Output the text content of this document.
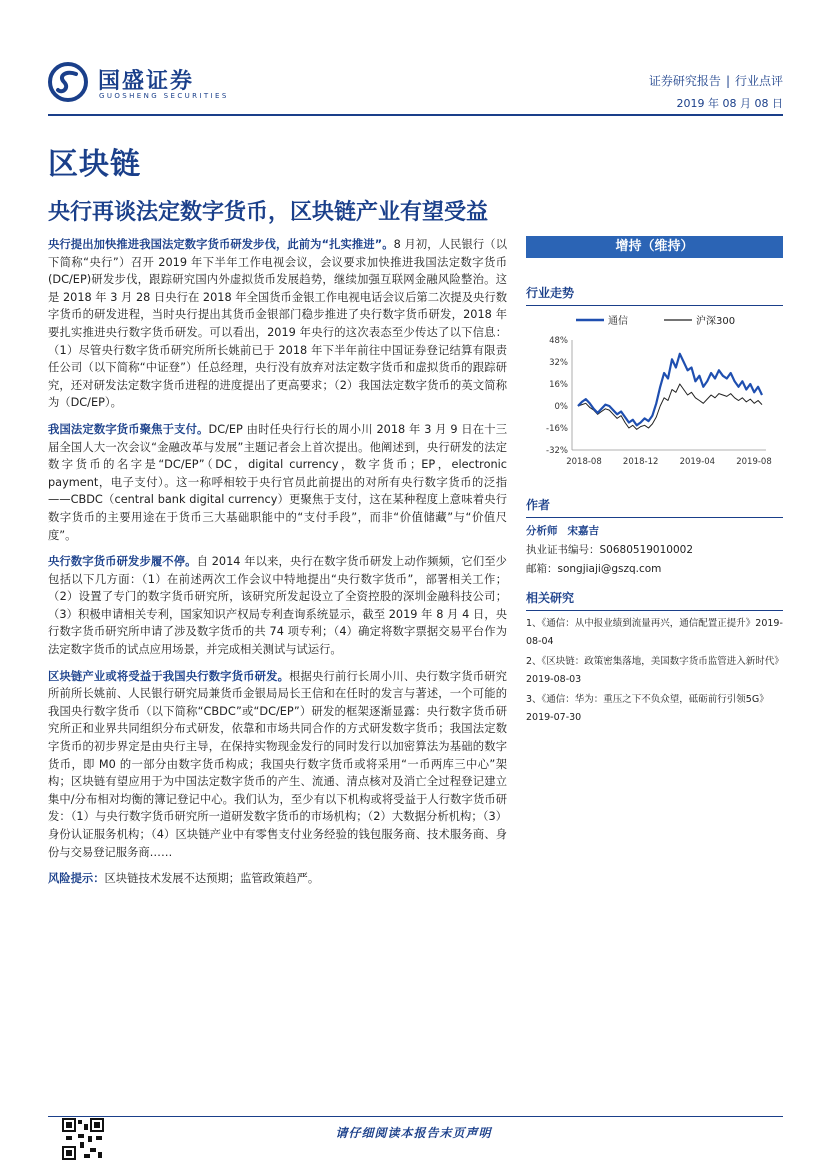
国盛证券
GUOSHENG SECURITIES
证券研究报告 | 行业点评
2019 年 08 月 08 日
区块链
央行再谈法定数字货币，区块链产业有望受益

央行提出加快推进我国法定数字货币研发步伐，此前为“扎实推进”。8 月初，人民银行（以下简称“央行”）召开 2019 年下半年工作电视会议，会议要求加快推进我国法定数字货币(DC/EP)研发步伐，跟踪研究国内外虚拟货币发展趋势，继续加强互联网金融风险整治。这是 2018 年 3 月 28 日央行在 2018 年全国货币金银工作电视电话会议后第二次提及央行数字货币的研发进程，当时央行提出其货币金银部门稳步推进了央行数字货币研发，2018 年要扎实推进央行数字货币研发。可以看出，2019 年央行的这次表态至少传达了以下信息：（1）尽管央行数字货币研究所所长姚前已于 2018 年下半年前往中国证券登记结算有限责任公司（以下简称“中证登”）任总经理，央行没有放弃对法定数字货币和虚拟货币的跟踪研究，还对研发法定数字货币进程的进度提出了更高要求；（2）我国法定数字货币的英文简称为（DC/EP）。

我国法定数字货币聚焦于支付。DC/EP 由时任央行行长的周小川 2018 年 3 月 9 日在十三届全国人大一次会议“金融改革与发展”主题记者会上首次提出。他阐述到，央行研发的法定数字货币的名字是“DC/EP”（DC，digital currency，数字货币；EP，electronic payment，电子支付）。这一称呼相较于央行官员此前提出的对所有央行数字货币的泛指——CBDC（central bank digital currency）更聚焦于支付，这在某种程度上意味着央行数字货币的主要用途在于货币三大基础职能中的“支付手段”，而非“价值储藏”与“价值尺度”。

央行数字货币研发步履不停。自 2014 年以来，央行在数字货币研发上动作频频，它们至少包括以下几方面：（1）在前述两次工作会议中特地提出“央行数字货币”，部署相关工作；（2）设置了专门的数字货币研究所，该研究所发起设立了全资控股的深圳金融科技公司；（3）积极申请相关专利，国家知识产权局专利查询系统显示，截至 2019 年 8 月 4 日，央行数字货币研究所申请了涉及数字货币的共 74 项专利；（4）确定将数字票据交易平台作为法定数字货币的试点应用场景，并完成相关测试与试运行。

区块链产业或将受益于我国央行数字货币研发。根据央行前行长周小川、央行数字货币研究所前所长姚前、人民银行研究局兼货币金银局局长王信和在任时的发言与著述，一个可能的我国央行数字货币（以下简称“CBDC”或“DC/EP”）研发的框架逐渐显露：央行数字货币研究所正和业界共同组织分布式研发，依靠和市场共同合作的方式研发数字货币；我国法定数字货币的初步界定是由央行主导，在保持实物现金发行的同时发行以加密算法为基础的数字货币，即 M0 的一部分由数字货币构成；我国央行数字货币或将采用“一币两库三中心”架构；区块链有望应用于为中国法定数字货币的产生、流通、清点核对及消亡全过程登记建立集中/分布相对均衡的簿记登记中心。我们认为，至少有以下机构或将受益于人行数字货币研发：（1）与央行数字货币研究所一道研发数字货币的市场机构；（2）大数据分析机构；（3）身份认证服务机构；（4）区块链产业中有零售支付业务经验的钱包服务商、技术服务商、身份与交易登记服务商……

风险提示：区块链技术发展不达预期；监管政策趋严。

增持（维持）
行业走势
通信	沪深300
48%
32%
16%
0%
-16%
-32%
2018-08 2018-12 2019-04 2019-08
作者
分析师 宋嘉吉
执业证书编号：S0680519010002
邮箱：songjiaji@gszq.com
相关研究
1、《通信：从中报业绩到流量再兴，通信配置正提升》2019-08-04
2、《区块链：政策密集落地，美国数字货币监管进入新时代》2019-08-03
3、《通信：华为：重压之下不负众望，砥砺前行引领5G》2019-07-30
请仔细阅读本报告末页声明
